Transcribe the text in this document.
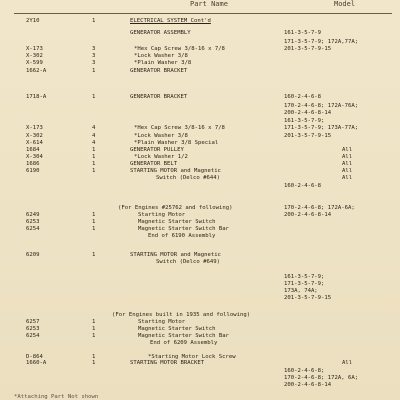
Part Name	Model
2Y10	1	ELECTRICAL SYSTEM Cont'd
GENERATOR ASSEMBLY	161-3-5-7-9
171-3-5-7-9; 172A,77A;
X-173	3	*Hex Cap Screw 3/8-16 x 7/8	201-3-5-7-9-15
X-302	3	*Lock Washer 3/8
X-599	3	*Plain Washer 3/8
1662-A	1	GENERATOR BRACKET
1718-A	1	GENERATOR BRACKET	160-2-4-6-8
170-2-4-6-8; 172A-76A;
200-2-4-6-8-14
161-3-5-7-9;
X-173	4	*Hex Cap Screw 3/8-16 x 7/8	171-3-5-7-9; 173A-77A;
X-302	4	*Lock Washer 3/8	201-3-5-7-9-15
X-614	4	*Plain Washer 3/8 Special
1684	1	GENERATOR PULLEY	All
X-304	1	*Lock Washer 1/2	All
1686	1	GENERATOR BELT	All
6190	1	STARTING MOTOR and Magnetic	All
Switch (Delco #644)	All
160-2-4-6-8
(For Engines #25762 and following)	170-2-4-6-8; 172A-6A;
6249	1	Starting Motor	200-2-4-6-8-14
6253	1	Magnetic Starter Switch
6254	1	Magnetic Starter Switch Bar
End of 6190 Assembly
6209	1	STARTING MOTOR and Magnetic
Switch (Delco #649)
161-3-5-7-9;
171-3-5-7-9;
173A, 74A;
201-3-5-7-9-15
(For Engines built in 1935 and following)
6257	1	Starting Motor
6253	1	Magnetic Starter Switch
6254	1	Magnetic Starter Switch Bar
End of 6209 Assembly
D-864	1	*Starting Motor Lock Screw
1660-A	1	STARTING MOTOR BRACKET	All
160-2-4-6-8;
170-2-4-6-8; 172A, 6A;
200-2-4-6-8-14
*Attaching Part Not shown
